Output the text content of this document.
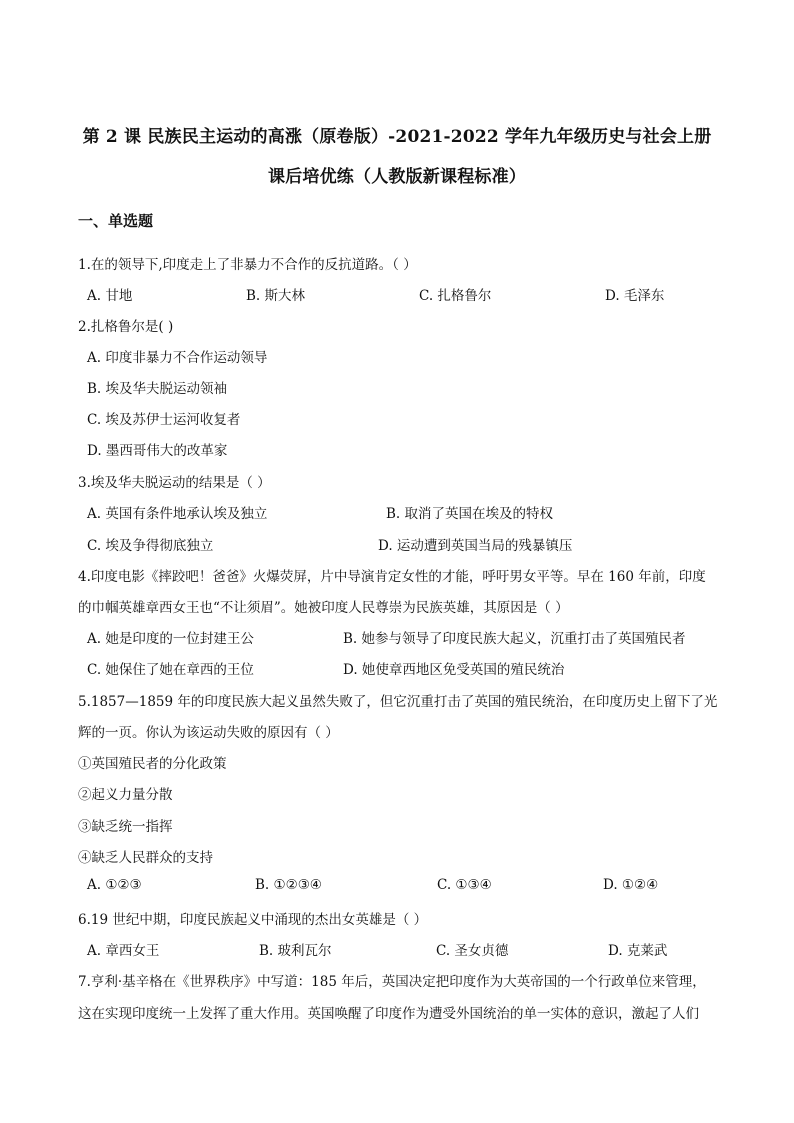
第 2 课 民族民主运动的高涨（原卷版）-2021-2022 学年九年级历史与社会上册
课后培优练（人教版新课程标准）
一、单选题
1.在的领导下,印度走上了非暴力不合作的反抗道路。（ ）
A. 甘地	B. 斯大林	C. 扎格鲁尔	D. 毛泽东
2.扎格鲁尔是( )
A. 印度非暴力不合作运动领导
B. 埃及华夫脱运动领袖
C. 埃及苏伊士运河收复者
D. 墨西哥伟大的改革家
3.埃及华夫脱运动的结果是（ ）
A. 英国有条件地承认埃及独立	B. 取消了英国在埃及的特权
C. 埃及争得彻底独立	D. 运动遭到英国当局的残暴镇压
4.印度电影《摔跤吧！爸爸》火爆荧屏，片中导演肯定女性的才能，呼吁男女平等。早在 160 年前，印度
的巾帼英雄章西女王也“不让须眉”。她被印度人民尊崇为民族英雄，其原因是（ ）
A. 她是印度的一位封建王公	B. 她参与领导了印度民族大起义，沉重打击了英国殖民者
C. 她保住了她在章西的王位	D. 她使章西地区免受英国的殖民统治
5.1857—1859 年的印度民族大起义虽然失败了，但它沉重打击了英国的殖民统治，在印度历史上留下了光
辉的一页。你认为该运动失败的原因有（ ）
①英国殖民者的分化政策
②起义力量分散
③缺乏统一指挥
④缺乏人民群众的支持
A. ①②③	B. ①②③④	C. ①③④	D. ①②④
6.19 世纪中期，印度民族起义中涌现的杰出女英雄是（ ）
A. 章西女王	B. 玻利瓦尔	C. 圣女贞德	D. 克莱武
7.亨利·基辛格在《世界秩序》中写道：185 年后，英国决定把印度作为大英帝国的一个行政单位来管理，
这在实现印度统一上发挥了重大作用。英国唤醒了印度作为遭受外国统治的单一实体的意识，激起了人们
